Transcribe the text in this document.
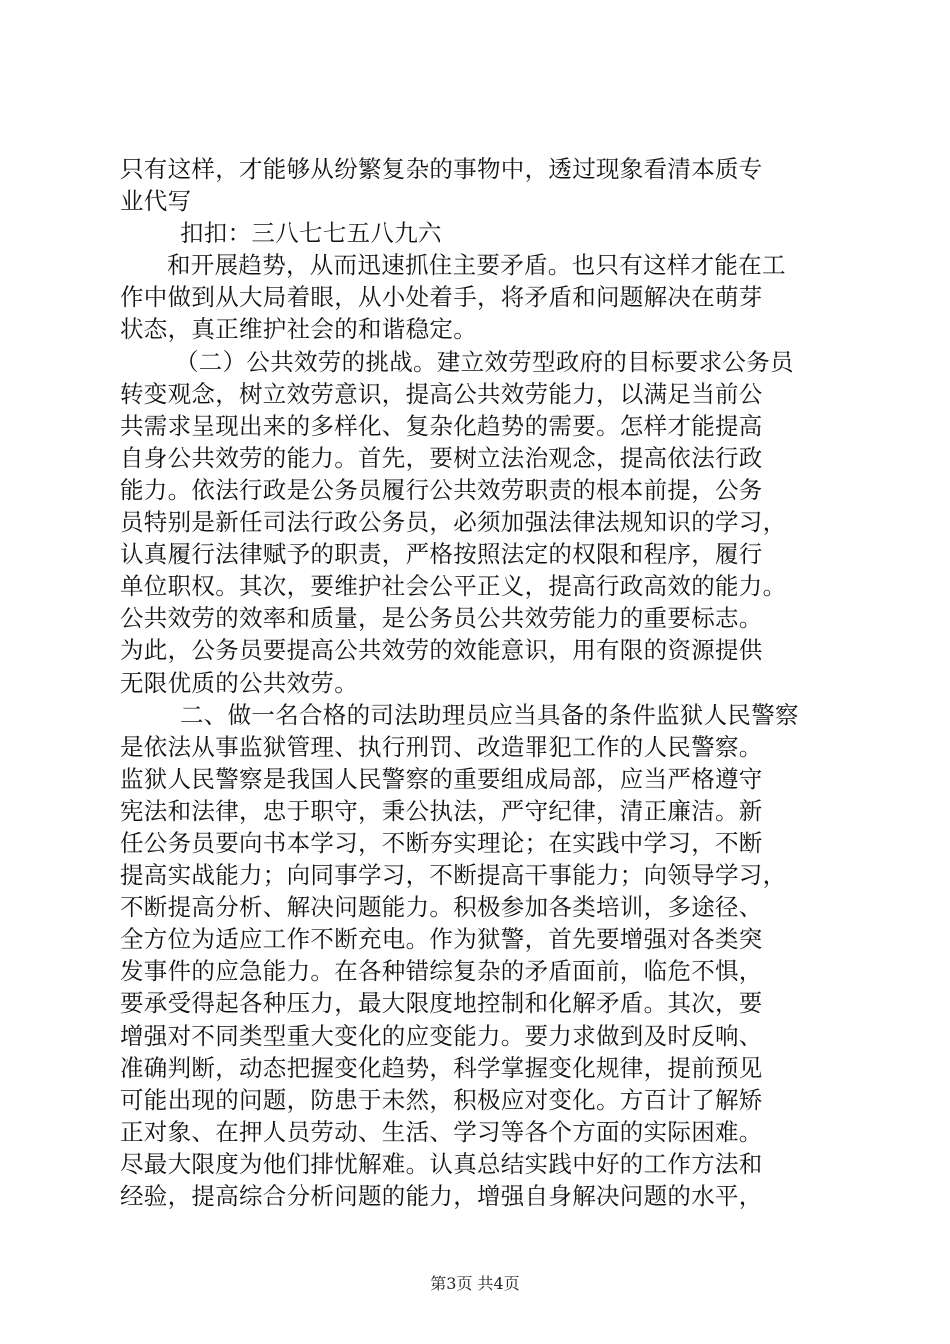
只有这样，才能够从纷繁复杂的事物中，透过现象看清本质专
业代写
扣扣：三八七七五八九六
和开展趋势，从而迅速抓住主要矛盾。也只有这样才能在工
作中做到从大局着眼，从小处着手，将矛盾和问题解决在萌芽
状态，真正维护社会的和谐稳定。
（二）公共效劳的挑战。建立效劳型政府的目标要求公务员
转变观念，树立效劳意识，提高公共效劳能力，以满足当前公
共需求呈现出来的多样化、复杂化趋势的需要。怎样才能提高
自身公共效劳的能力。首先，要树立法治观念，提高依法行政
能力。依法行政是公务员履行公共效劳职责的根本前提，公务
员特别是新任司法行政公务员，必须加强法律法规知识的学习，
认真履行法律赋予的职责，严格按照法定的权限和程序，履行
单位职权。其次，要维护社会公平正义，提高行政高效的能力。
公共效劳的效率和质量，是公务员公共效劳能力的重要标志。
为此，公务员要提高公共效劳的效能意识，用有限的资源提供
无限优质的公共效劳。
二、做一名合格的司法助理员应当具备的条件监狱人民警察
是依法从事监狱管理、执行刑罚、改造罪犯工作的人民警察。
监狱人民警察是我国人民警察的重要组成局部，应当严格遵守
宪法和法律，忠于职守，秉公执法，严守纪律，清正廉洁。新
任公务员要向书本学习，不断夯实理论；在实践中学习，不断
提高实战能力；向同事学习，不断提高干事能力；向领导学习，
不断提高分析、解决问题能力。积极参加各类培训，多途径、
全方位为适应工作不断充电。作为狱警，首先要增强对各类突
发事件的应急能力。在各种错综复杂的矛盾面前，临危不惧，
要承受得起各种压力，最大限度地控制和化解矛盾。其次，要
增强对不同类型重大变化的应变能力。要力求做到及时反响、
准确判断，动态把握变化趋势，科学掌握变化规律，提前预见
可能出现的问题，防患于未然，积极应对变化。方百计了解矫
正对象、在押人员劳动、生活、学习等各个方面的实际困难。
尽最大限度为他们排忧解难。认真总结实践中好的工作方法和
经验，提高综合分析问题的能力，增强自身解决问题的水平，
第3页 共4页
